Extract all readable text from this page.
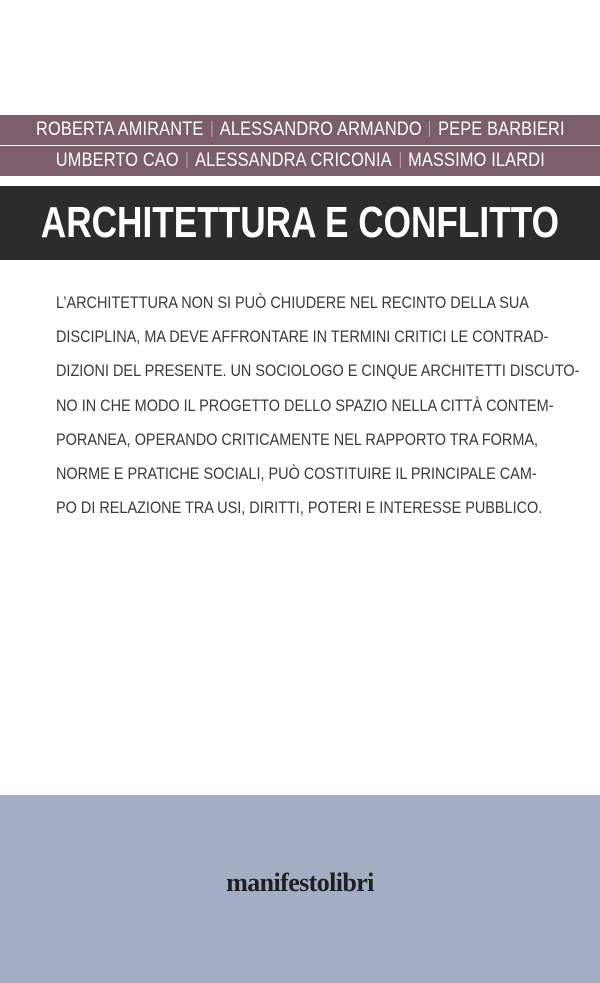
ROBERTA AMIRANTE ALESSANDRO ARMANDO PEPE BARBIERI
UMBERTO CAO ALESSANDRA CRICONIA MASSIMO ILARDI
ARCHITETTURA E CONFLITTO
L’ARCHITETTURA NON SI PUÒ CHIUDERE NEL RECINTO DELLA SUA
DISCIPLINA, MA DEVE AFFRONTARE IN TERMINI CRITICI LE CONTRAD-
DIZIONI DEL PRESENTE. UN SOCIOLOGO E CINQUE ARCHITETTI DISCUTO-
NO IN CHE MODO IL PROGETTO DELLO SPAZIO NELLA CITTÀ CONTEM-
PORANEA, OPERANDO CRITICAMENTE NEL RAPPORTO TRA FORMA,
NORME E PRATICHE SOCIALI, PUÒ COSTITUIRE IL PRINCIPALE CAM-
PO DI RELAZIONE TRA USI, DIRITTI, POTERI E INTERESSE PUBBLICO.
manifestolibri
